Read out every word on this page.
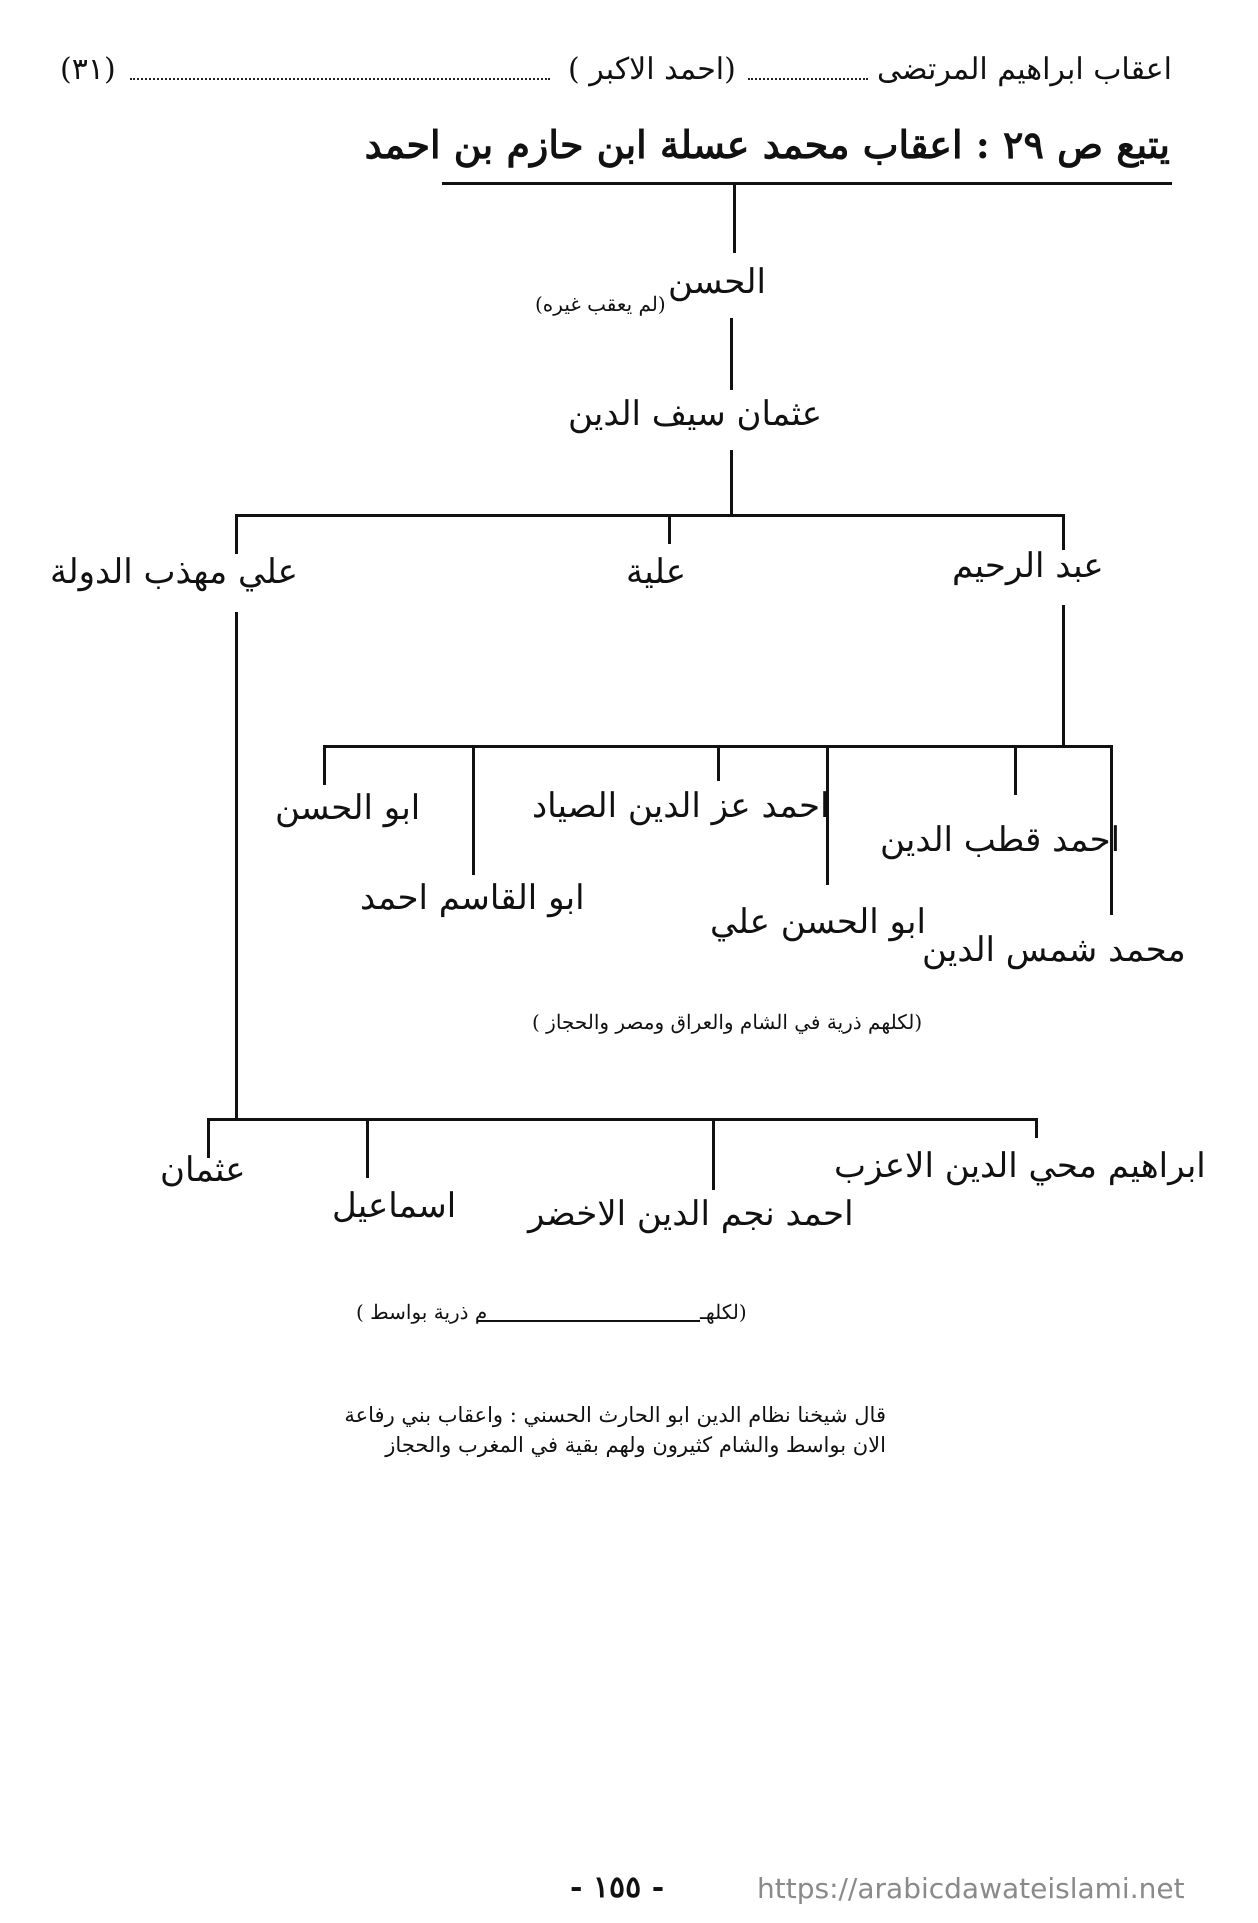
(٣١)	(احمد الاكبر )	اعقاب ابراهيم المرتضى
يتبع ص ٢٩ : اعقاب محمد عسلة ابن حازم بن احمد
الحسن
(لم يعقب غيره)
عثمان سيف الدين
عبد الرحيم
علية
علي مهذب الدولة
ابو الحسن
ابو القاسم احمد
احمد عز الدين الصياد
ابو الحسن علي
احمد قطب الدين
محمد شمس الدين
(لكلهم ذرية في الشام والعراق ومصر والحجاز )
عثمان
اسماعيل احمد نجم الدين الاخضر
ابراهيم محي الدين الاعزب
(لكلهـ
م ذرية بواسط )
قال شيخنا نظام الدين ابو الحارث الحسني : واعقاب بني رفاعة
الان بواسط والشام كثيرون ولهم بقية في المغرب والحجاز
- ١٥٥ -	https://arabicdawateislami.net
